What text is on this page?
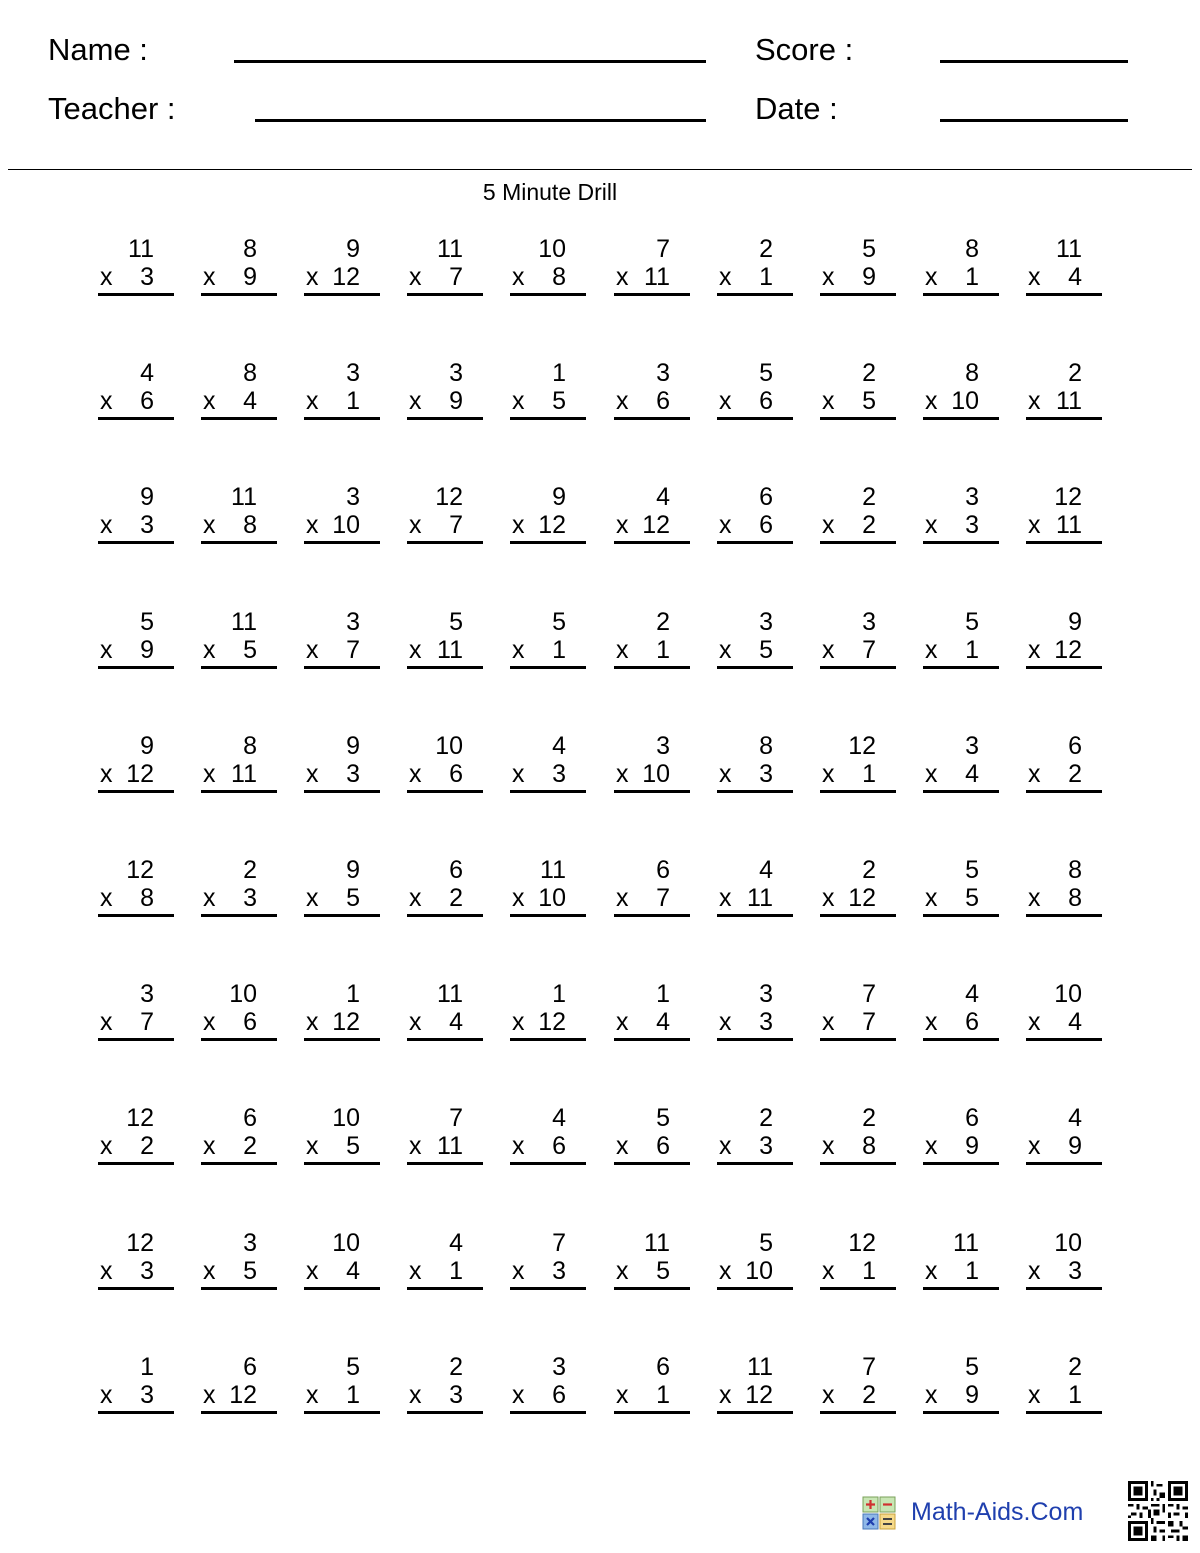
Name :	Score :
Teacher :	Date :
5 Minute Drill
11
x 3
8
x 9
9
x 12
11
x 7
10
x 8
7
x 11
2
x 1
5
x 9
8
x 1
11
x 4
4
x 6
8
x 4
3
x 1
3
x 9
1
x 5
3
x 6
5
x 6
2
x 5
8
x 10
2
x 11
9
x 3
11
x 8
3
x 10
12
x 7
9
x 12
4
x 12
6
x 6
2
x 2
3
x 3
12
x 11
5
x 9
11
x 5
3
x 7
5
x 11
5
x 1
2
x 1
3
x 5
3
x 7
5
x 1
9
x 12
9
x 12
8
x 11
9
x 3
10
x 6
4
x 3
3
x 10
8
x 3
12
x 1
3
x 4
6
x 2
12
x 8
2
x 3
9
x 5
6
x 2
11
x 10
6
x 7
4
x 11
2
x 12
5
x 5
8
x 8
3
x 7
10
x 6
1
x 12
11
x 4
1
x 12
1
x 4
3
x 3
7
x 7
4
x 6
10
x 4
12
x 2
6
x 2
10
x 5
7
x 11
4
x 6
5
x 6
2
x 3
2
x 8
6
x 9
4
x 9
12
x 3
3
x 5
10
x 4
4
x 1
7
x 3
11
x 5
5
x 10
12
x 1
11
x 1
10
x 3
1
x 3
6
x 12
5
x 1
2
x 3
3
x 6
6
x 1
11
x 12
7
x 2
5
x 9
2
x 1
Math-Aids.Com
